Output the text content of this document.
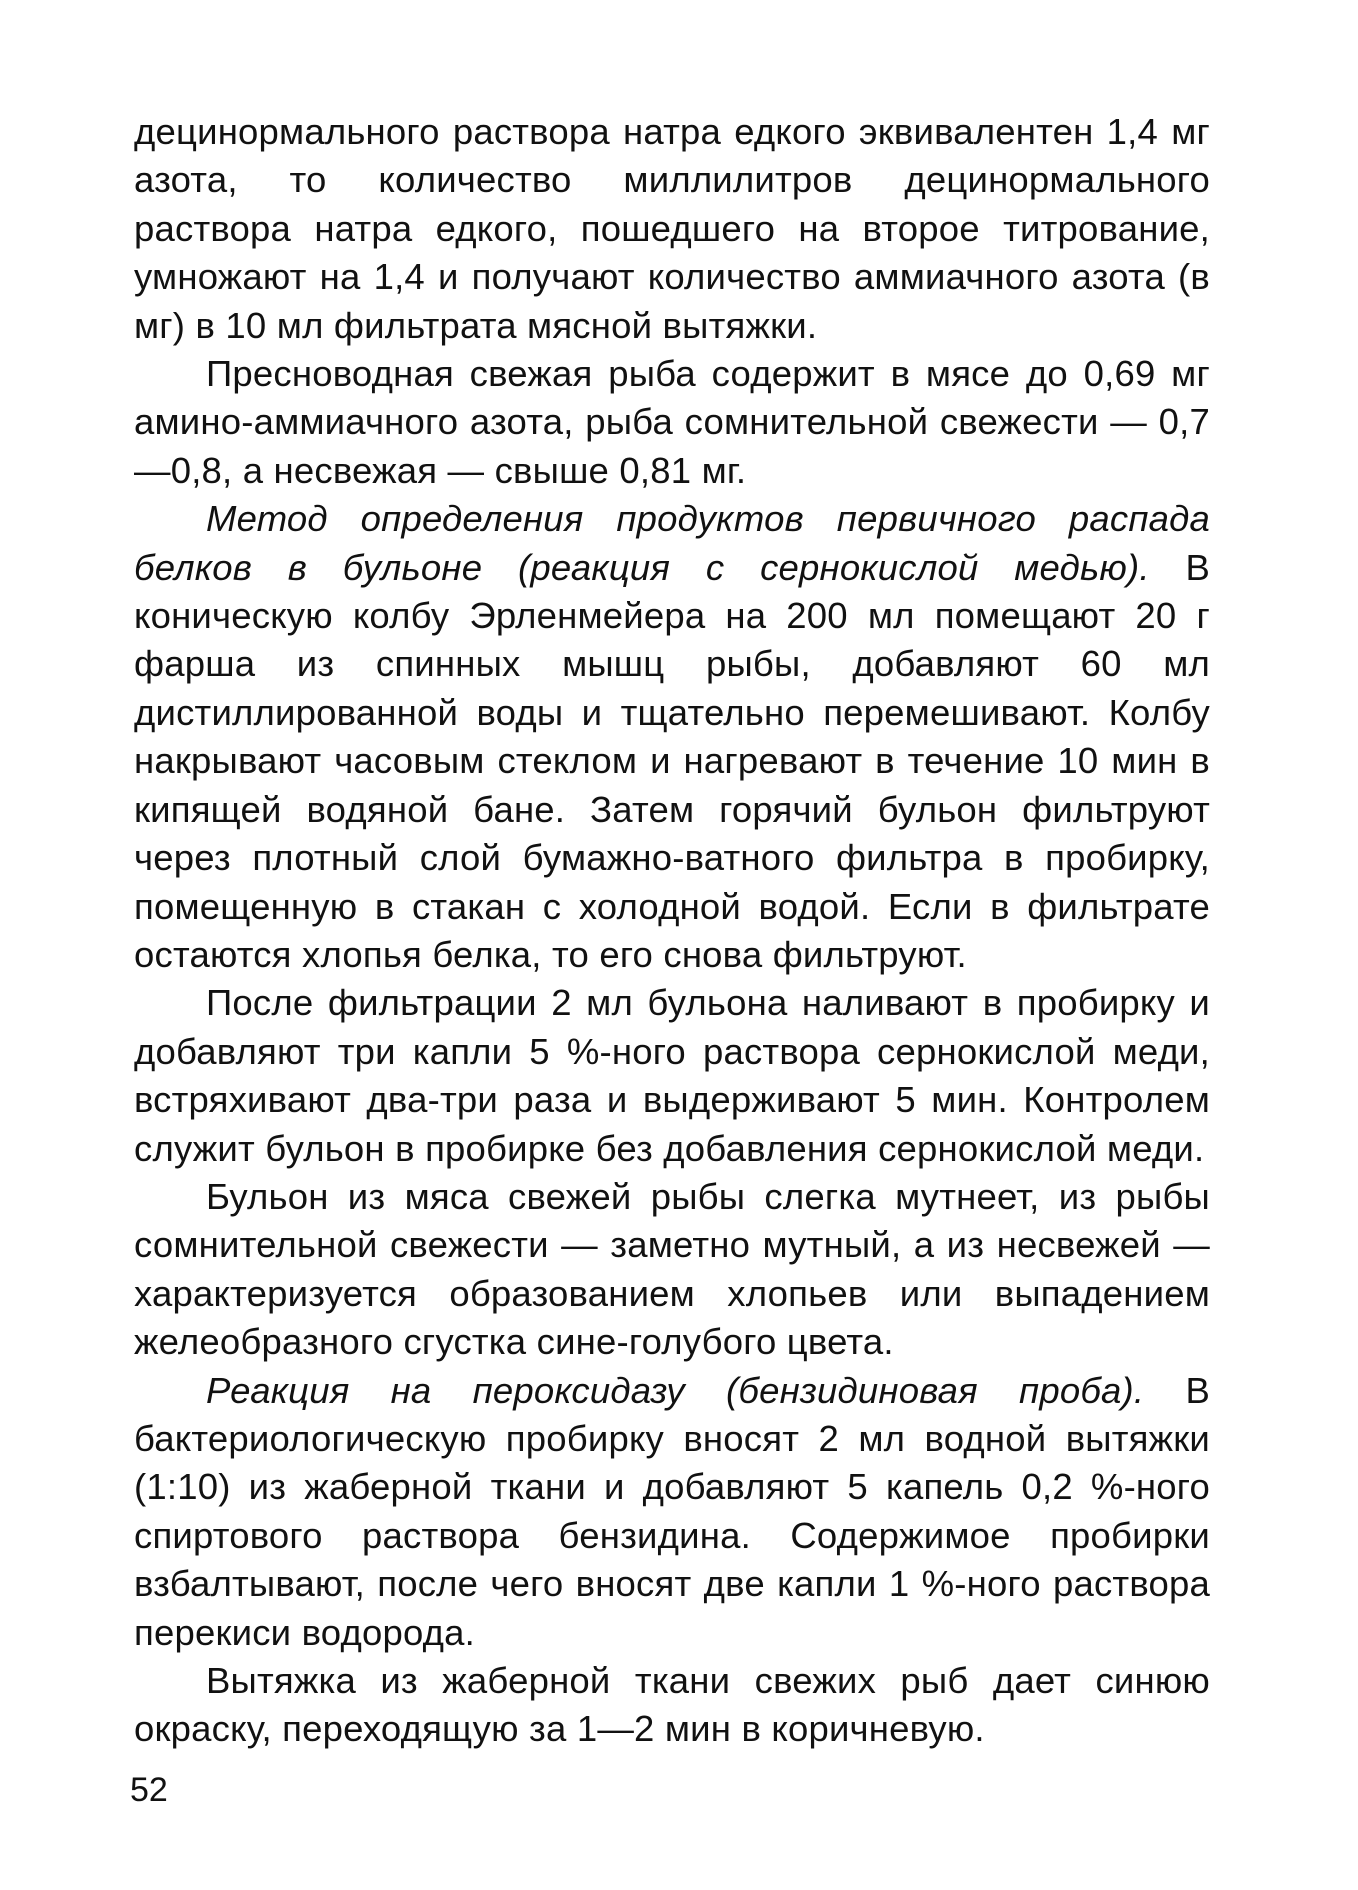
децинормального раствора натра едкого эквивалентен 1,4 мг азота, то количество миллилитров децинормального раствора натра едкого, пошедшего на второе титрование, умножают на 1,4 и получают количество аммиачного азота (в мг) в 10 мл фильтрата мясной вытяжки.

Пресноводная свежая рыба содержит в мясе до 0,69 мг амино-аммиачного азота, рыба сомнительной свежести — 0,7—0,8, а несвежая — свыше 0,81 мг.

Метод определения продуктов первичного распада белков в бульоне (реакция с сернокислой медью). В коническую колбу Эрленмейера на 200 мл помещают 20 г фарша из спинных мышц рыбы, добавляют 60 мл дистиллированной воды и тщательно перемешивают. Колбу накрывают часовым стеклом и нагревают в течение 10 мин в кипящей водяной бане. Затем горячий бульон фильтруют через плотный слой бумажно-ватного фильтра в пробирку, помещенную в стакан с холодной водой. Если в фильтрате остаются хлопья белка, то его снова фильтруют.

После фильтрации 2 мл бульона наливают в пробирку и добавляют три капли 5 %-ного раствора сернокислой меди, встряхивают два-три раза и выдерживают 5 мин. Контролем служит бульон в пробирке без добавления сернокислой меди.

Бульон из мяса свежей рыбы слегка мутнеет, из рыбы сомнительной свежести — заметно мутный, а из несвежей — характеризуется образованием хлопьев или выпадением желеобразного сгустка сине-голубого цвета.

Реакция на пероксидазу (бензидиновая проба). В бактериологическую пробирку вносят 2 мл водной вытяжки (1:10) из жаберной ткани и добавляют 5 капель 0,2 %-ного спиртового раствора бензидина. Содержимое пробирки взбалтывают, после чего вносят две капли 1 %-ного раствора перекиси водорода.

Вытяжка из жаберной ткани свежих рыб дает синюю окраску, переходящую за 1—2 мин в коричневую.

52
